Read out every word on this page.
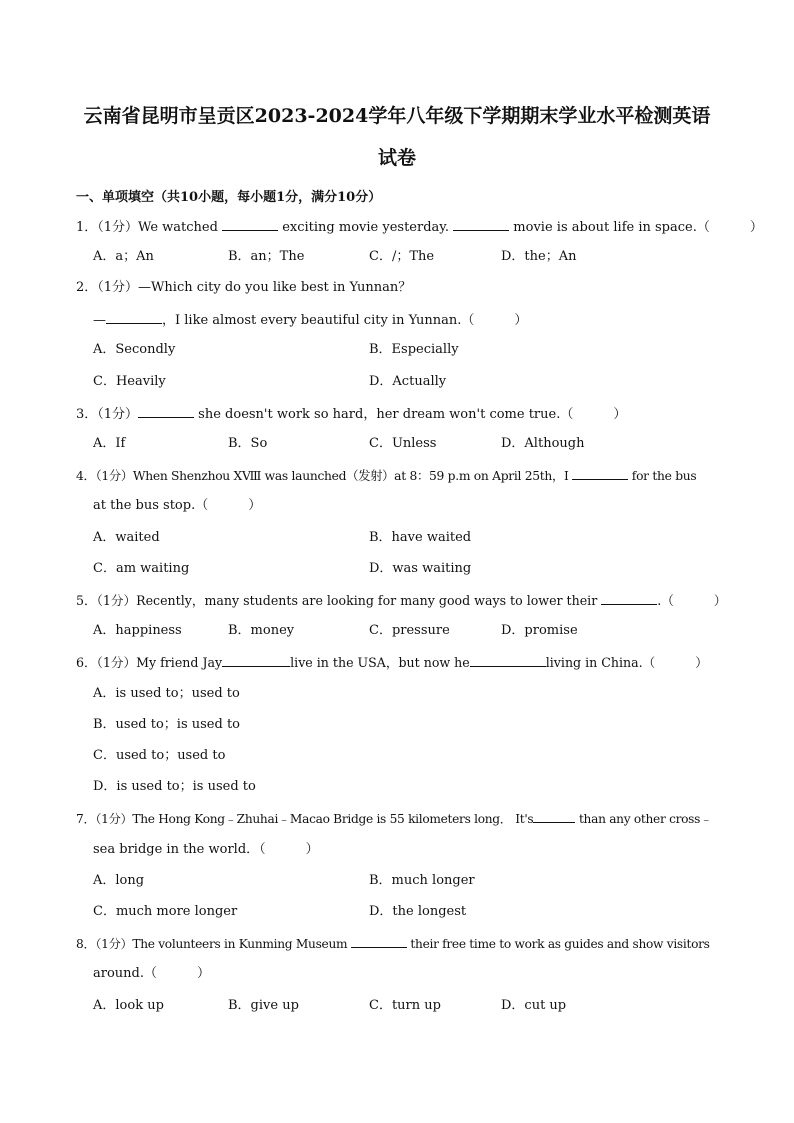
云南省昆明市呈贡区2023-2024学年八年级下学期期末学业水平检测英语
试卷
一、单项填空（共10小题，每小题1分，满分10分）
1．（1分）We watched	exciting movie yesterday.	movie is about life in space.（	）
A．a；An	B．an；The	C．/；The	D．the；An
2．（1分）—Which city do you like best in Yunnan？
—	，I like almost every beautiful city in Yunnan.（	）
A．Secondly	B．Especially
C．Heavily	D．Actually
3．（1分）	she doesn't work so hard，her dream won't come true.（	）
A．If	B．So	C．Unless	D．Although
4．（1分）When Shenzhou XⅧ was launched（发射）at 8：59 p.m on April 25th，I	for the bus
at the bus stop.（	）
A．waited	B．have waited
C．am waiting	D．was waiting
5．（1分）Recently，many students are looking for many good ways to lower their	.（	）
A．happiness	B．money	C．pressure	D．promise
6．（1分）My friend Jay	live in the USA，but now he	living in China.（	）
A．is used to；used to
B．used to；is used to
C．used to；used to
D．is used to；is used to
7．（1分）The Hong Kong﹣Zhuhai﹣Macao Bridge is 55 kilometers long． It's	than any other cross﹣
sea bridge in the world．（	）
A．long	B．much longer
C．much more longer	D．the longest
8．（1分）The volunteers in Kunming Museum	their free time to work as guides and show visitors
around.（	）
A．look up	B．give up	C．turn up	D．cut up
